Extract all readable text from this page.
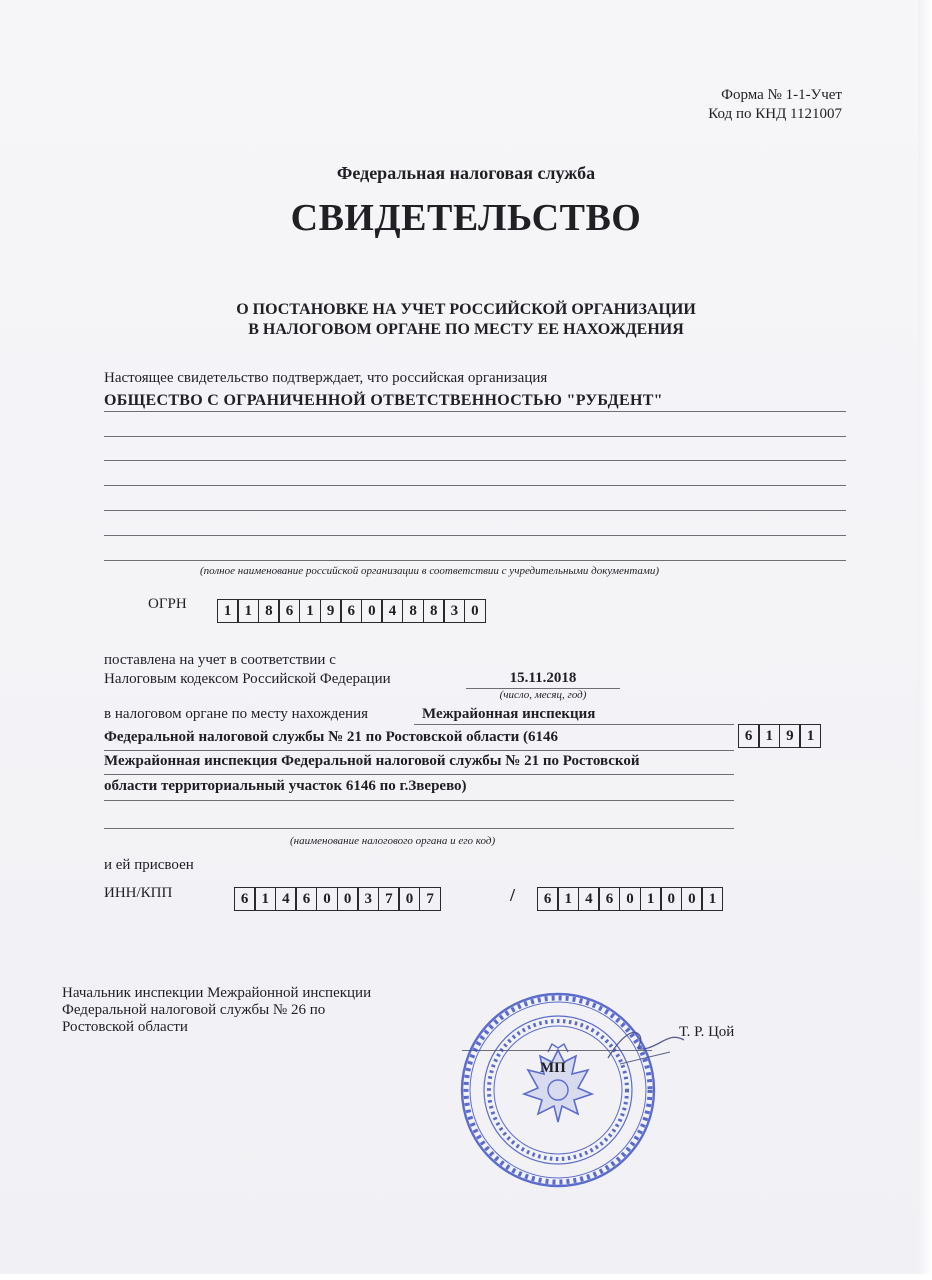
Форма № 1-1-Учет
Код по КНД 1121007
Федеральная налоговая служба
СВИДЕТЕЛЬСТВО
О ПОСТАНОВКЕ НА УЧЕТ РОССИЙСКОЙ ОРГАНИЗАЦИИ
В НАЛОГОВОМ ОРГАНЕ ПО МЕСТУ ЕЕ НАХОЖДЕНИЯ
Настоящее свидетельство подтверждает, что российская организация
ОБЩЕСТВО С ОГРАНИЧЕННОЙ ОТВЕТСТВЕННОСТЬЮ "РУБДЕНТ"
(полное наименование российской организации в соответствии с учредительными документами)
ОГРН	1 1 8 6 1 9 6 0 4 8 8 3 0
поставлена на учет в соответствии с
Налоговым кодексом Российской Федерации	15.11.2018
(число, месяц, год)
в налоговом органе по месту нахождения	Межрайонная инспекция
Федеральной налоговой службы № 21 по Ростовской области (6146
Межрайонная инспекция Федеральной налоговой службы № 21 по Ростовской
области территориальный участок 6146 по г.Зверево)
(наименование налогового органа и его код)
6 1 9 1
и ей присвоен
ИНН/КПП	6 1 4 6 0 0 3 7 0 7	/	6 1 4 6 0 1 0 0 1
Начальник инспекции Межрайонной инспекции
Федеральной налоговой службы № 26 по
Ростовской области	Т. Р. Цой
МП
